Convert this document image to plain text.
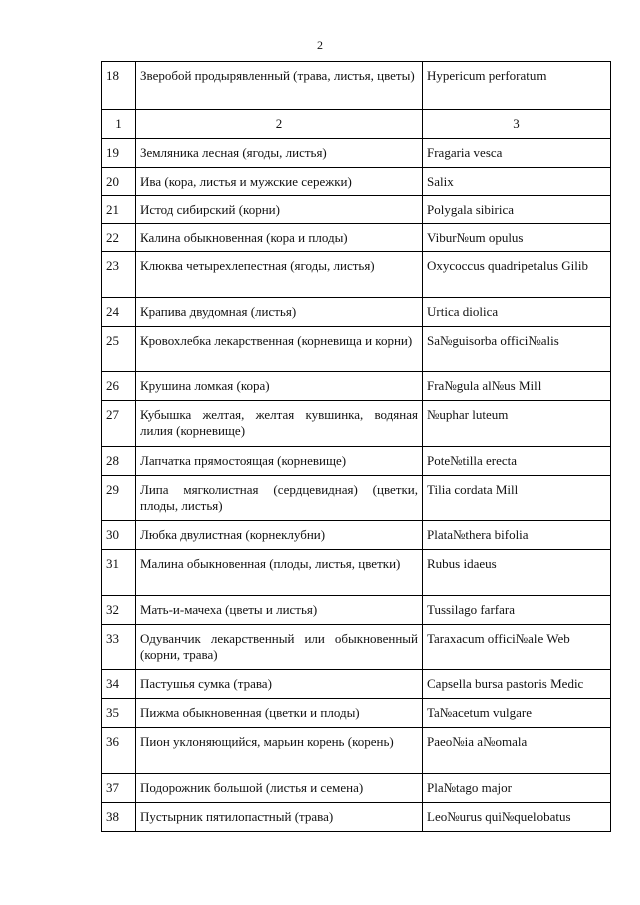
2
18	Зверобой продырявленный (трава, листья, цветы)	Hypericum perforatum
1	2	3
19	Земляника лесная (ягоды, листья)	Fragaria vesca
20	Ива (кора, листья и мужские сережки)	Salix
21	Истод сибирский (корни)	Polygala sibirica
22	Калина обыкновенная (кора и плоды)	Vibur№um opulus
23	Клюква четырехлепестная (ягоды, листья)	Oxycoccus quadripetalus Gilib
24	Крапива двудомная (листья)	Urtica diolica
25	Кровохлебка лекарственная (корневища и корни)	Sa№guisorba offici№alis
26	Крушина ломкая (кора)	Fra№gula al№us Mill
27	Кубышка желтая, желтая кувшинка, водяная лилия (корневище)	№uphar luteum
28	Лапчатка прямостоящая (корневище)	Pote№tilla erecta
29	Липа мягколистная (сердцевидная) (цветки, плоды, листья)	Tilia cordata Mill
30	Любка двулистная (корнеклубни)	Plata№thera bifolia
31	Малина обыкновенная (плоды, листья, цветки)	Rubus idaeus
32	Мать-и-мачеха (цветы и листья)	Tussilago farfara
33	Одуванчик лекарственный или обыкновенный (корни, трава)	Taraxacum offici№ale Web
34	Пастушья сумка (трава)	Capsella bursa pastoris Medic
35	Пижма обыкновенная (цветки и плоды)	Ta№acetum vulgare
36	Пион уклоняющийся, марьин корень (корень)	Paeo№ia a№omala
37	Подорожник большой (листья и семена)	Pla№tago major
38	Пустырник пятилопастный (трава)	Leo№urus qui№quelobatus
